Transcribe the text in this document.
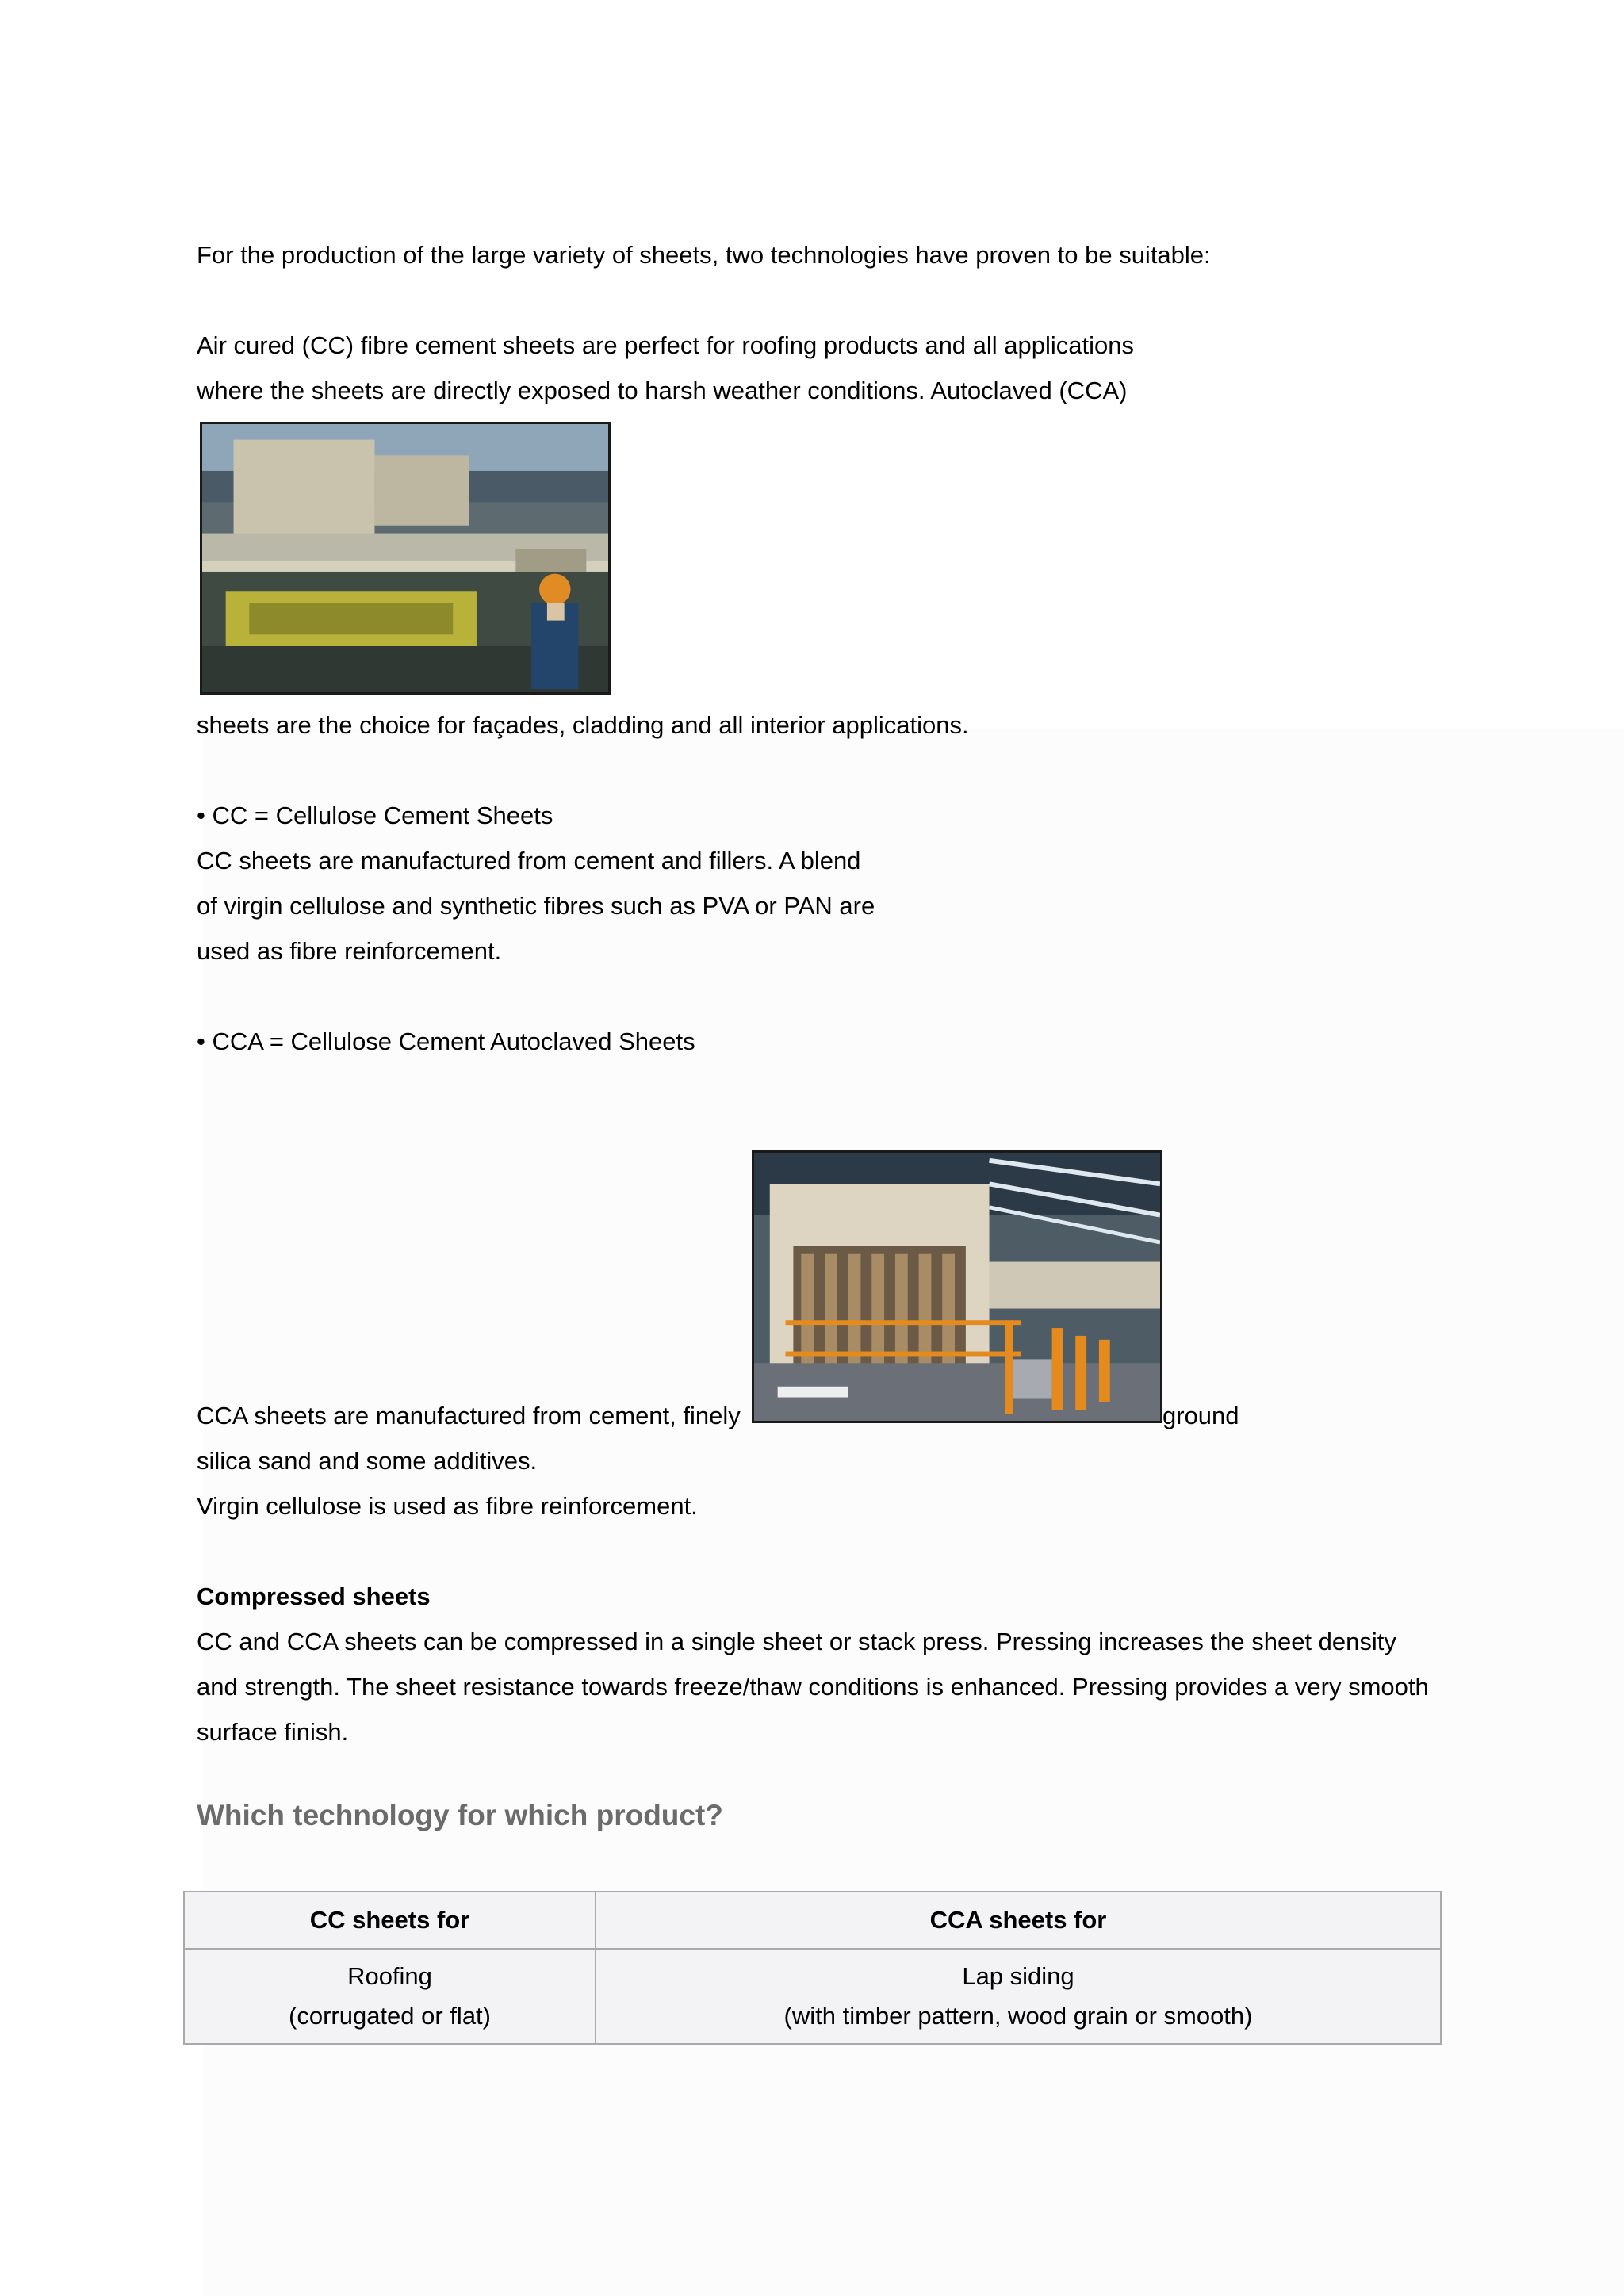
For the production of the large variety of sheets, two technologies have proven to be suitable:

Air cured (CC) fibre cement sheets are perfect for roofing products and all applications

where the sheets are directly exposed to harsh weather conditions. Autoclaved (CCA)

sheets are the choice for façades, cladding and all interior applications.

• CC = Cellulose Cement Sheets

CC sheets are manufactured from cement and fillers. A blend

of virgin cellulose and synthetic fibres such as PVA or PAN are

used as fibre reinforcement.

• CCA = Cellulose Cement Autoclaved Sheets

CCA sheets are manufactured from cement, finely	ground

silica sand and some additives.

Virgin cellulose is used as fibre reinforcement.

Compressed sheets

CC and CCA sheets can be compressed in a single sheet or stack press. Pressing increases the sheet density

and strength. The sheet resistance towards freeze/thaw conditions is enhanced. Pressing provides a very smooth

surface finish.

Which technology for which product?
CC sheets for	CCA sheets for

Roofing
(corrugated or flat)	Lap siding
(with timber pattern, wood grain or smooth)
